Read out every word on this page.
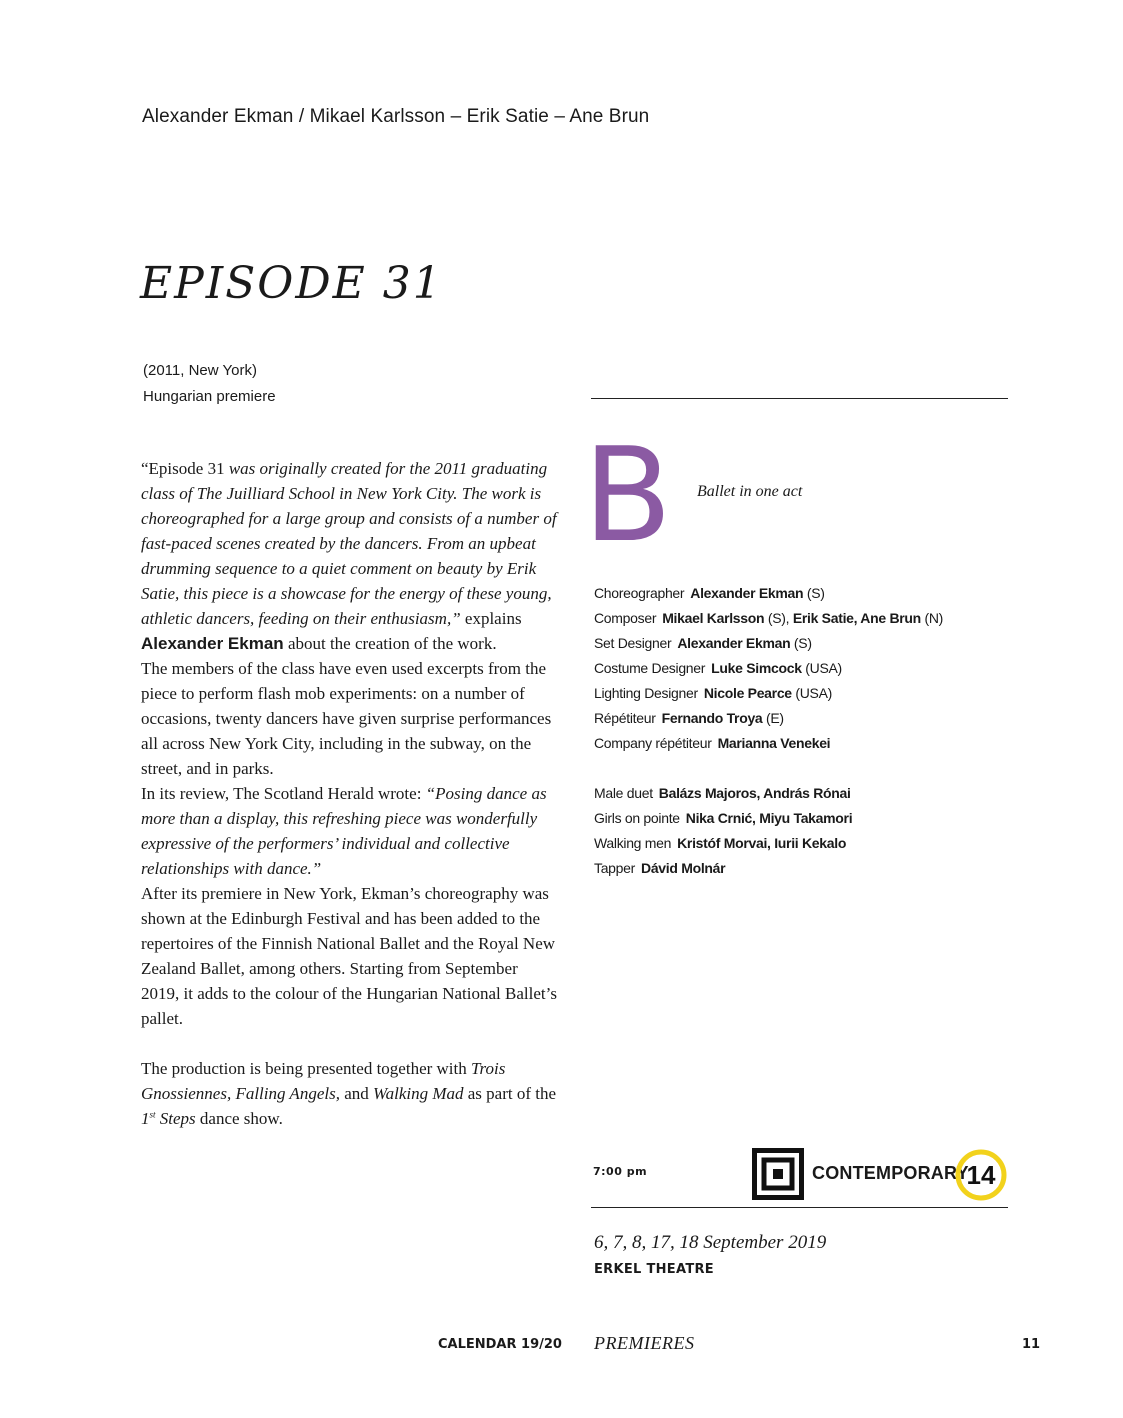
Alexander Ekman / Mikael Karlsson – Erik Satie – Ane Brun
EPISODE 31
(2011, New York)
Hungarian premiere

“Episode 31 was originally created for the 2011 graduating class of The Juilliard School in New York City. The work is choreographed for a large group and consists of a number of fast-paced scenes created by the dancers. From an upbeat drumming sequence to a quiet comment on beauty by Erik Satie, this piece is a showcase for the energy of these young, athletic dancers, feeding on their enthusiasm,” explains Alexander Ekman about the creation of the work.

The members of the class have even used excerpts from the piece to perform flash mob experiments: on a number of occasions, twenty dancers have given surprise performances all across New York City, including in the subway, on the street, and in parks.

In its review, The Scotland Herald wrote: “Posing dance as more than a display, this refreshing piece was wonderfully expressive of the performers’ individual and collective relationships with dance.”

After its premiere in New York, Ekman’s choreography was shown at the Edinburgh Festival and has been added to the repertoires of the Finnish National Ballet and the Royal New Zealand Ballet, among others. Starting from September 2019, it adds to the colour of the Hungarian National Ballet’s pallet.

The production is being presented together with Trois Gnossiennes, Falling Angels, and Walking Mad as part of the 1st Steps dance show.

B Ballet in one act
Choreographer Alexander Ekman (S)
Composer Mikael Karlsson (S), Erik Satie, Ane Brun (N)
Set Designer Alexander Ekman (S)
Costume Designer Luke Simcock (USA)
Lighting Designer Nicole Pearce (USA)
Répétiteur Fernando Troya (E)
Company répétiteur Marianna Venekei
Male duet Balázs Majoros, András Rónai
Girls on pointe Nika Crnić, Miyu Takamori
Walking men Kristóf Morvai, Iurii Kekalo
Tapper Dávid Molnár
7:00 pm	CONTEMPORARY
14
6, 7, 8, 17, 18 September 2019
ERKEL THEATRE
CALENDAR 19/20 PREMIERES	11
